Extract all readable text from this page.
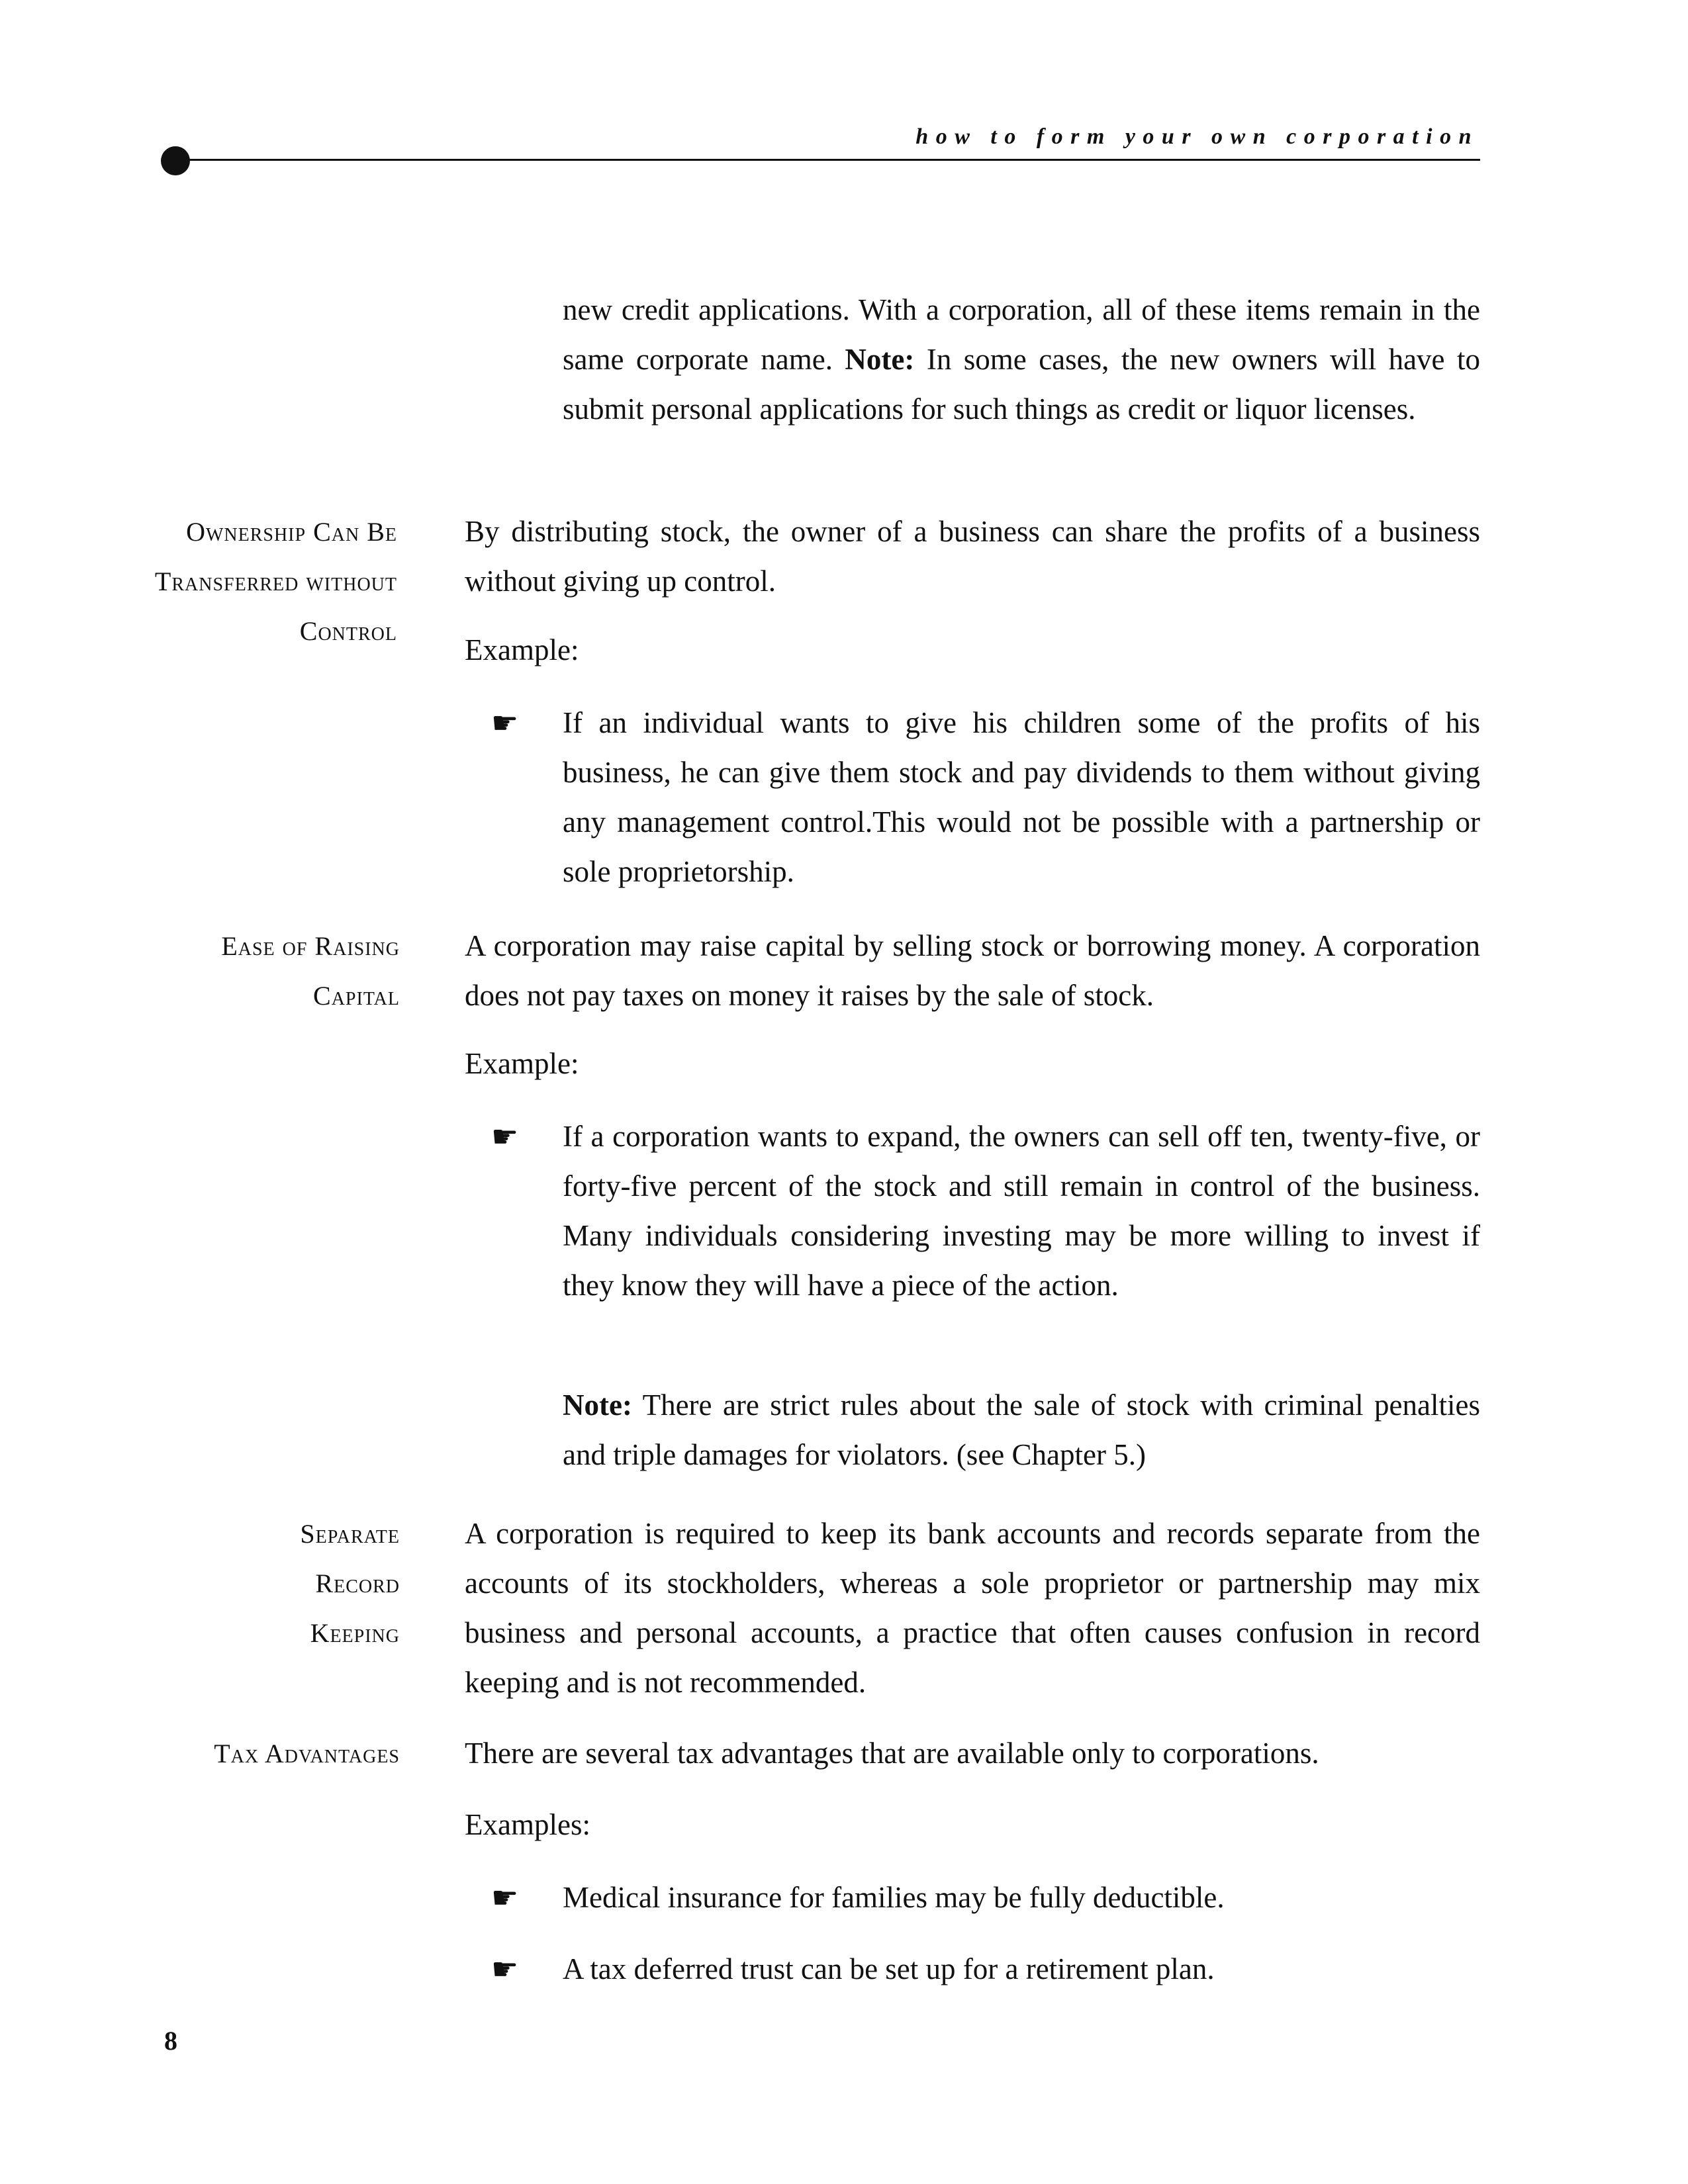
how to form your own corporation

new credit applications. With a corporation, all of these items remain in the same corporate name. Note: In some cases, the new owners will have to submit personal applications for such things as credit or liquor licenses.

Ownership Can Be Transferred without Control

By distributing stock, the owner of a business can share the profits of a business without giving up control.

Example:

☛ If an individual wants to give his children some of the profits of his business, he can give them stock and pay dividends to them without giving any management control.This would not be possible with a partnership or sole proprietorship.

Ease of Raising Capital

A corporation may raise capital by selling stock or borrowing money. A corporation does not pay taxes on money it raises by the sale of stock.

Example:

☛ If a corporation wants to expand, the owners can sell off ten, twenty-five, or forty-five percent of the stock and still remain in control of the business. Many individuals considering investing may be more willing to invest if they know they will have a piece of the action.

Note: There are strict rules about the sale of stock with criminal penalties and triple damages for violators. (see Chapter 5.)

Separate Record Keeping

A corporation is required to keep its bank accounts and records separate from the accounts of its stockholders, whereas a sole proprietor or partnership may mix business and personal accounts, a practice that often causes confusion in record keeping and is not recommended.

Tax Advantages There are several tax advantages that are available only to corporations.

Examples:

☛ Medical insurance for families may be fully deductible.

☛ A tax deferred trust can be set up for a retirement plan.

8
